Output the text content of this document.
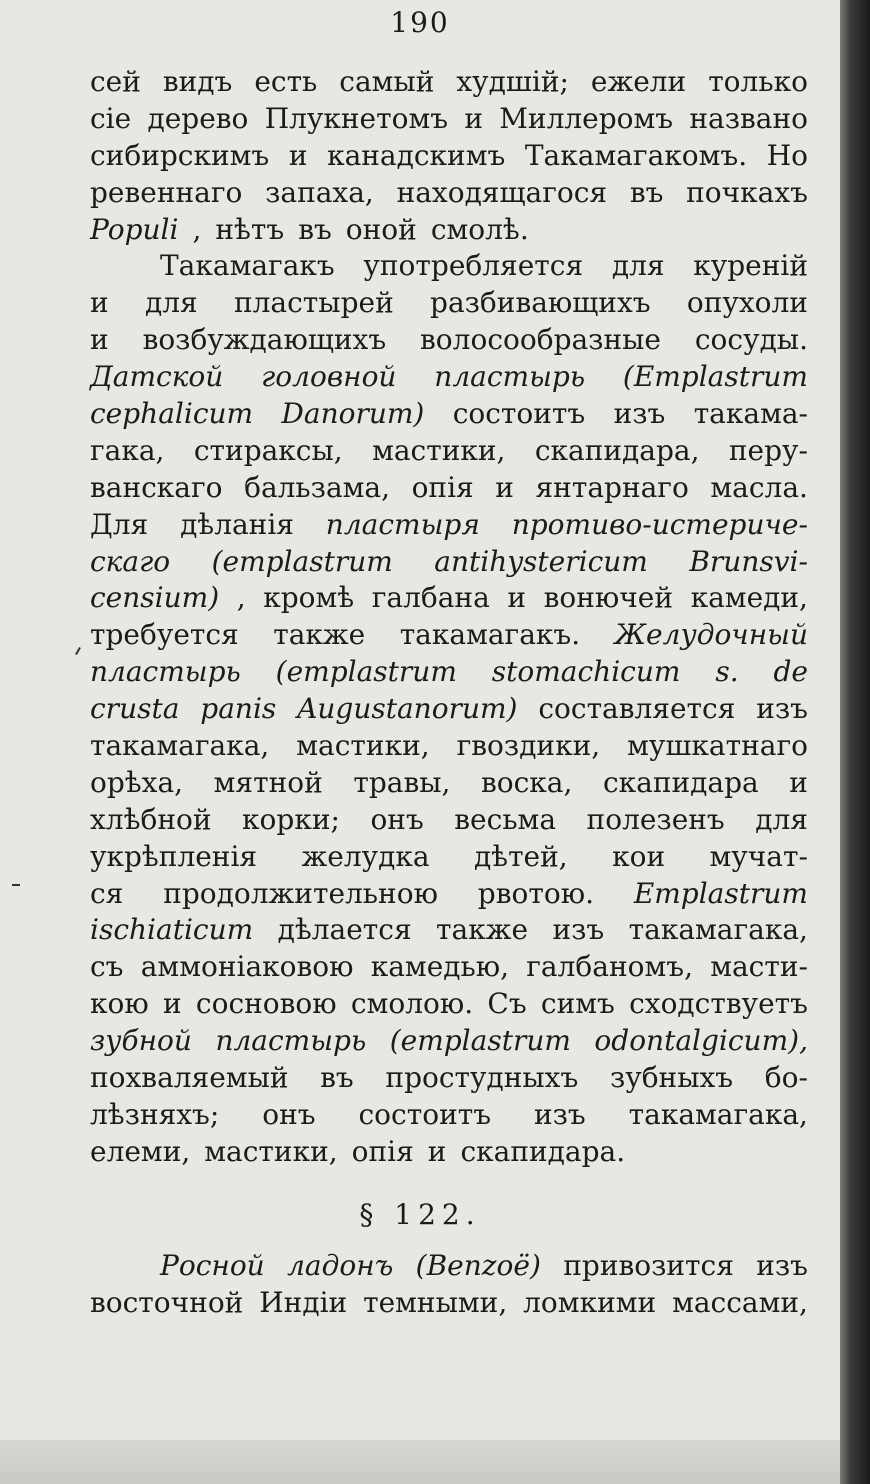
190
сей видъ есть самый худшій; ежели только
сіе дерево Плукнетомъ и Миллеромъ названо
сибирскимъ и канадскимъ Такамагакомъ. Но
ревеннаго запаха, находящагося въ почкахъ
Populi , нѣтъ въ оной смолѣ.
Такамагакъ употребляется для куреній
и для пластырей разбивающихъ опухоли
и возбуждающихъ волосообразные сосуды.
Датской головной пластырь (Emplastrum
cephalicum Danorum) состоитъ изъ такама-
гака, стираксы, мастики, скапидара, перу-
ванскаго бальзама, опія и янтарнаго масла.
Для дѣланія пластыря противо-истериче-
скаго (emplastrum antihystericum Brunsvi-
censium) , кромѣ галбана и вонючей камеди,
требуется также такамагакъ. Желудочный
пластырь (emplastrum stomachicum s. de
crusta panis Augustanorum) составляется изъ
такамагака, мастики, гвоздики, мушкатнаго
орѣха, мятной травы, воска, скапидара и
хлѣбной корки; онъ весьма полезенъ для
укрѣпленія желудка дѣтей, кои мучат-
ся продолжительною рвотою. Emplastrum
ischiaticum дѣлается также изъ такамагака,
съ аммоніаковою камедью, галбаномъ, масти-
кою и сосновою смолою. Съ симъ сходствуетъ
зубной пластырь (emplastrum odontalgicum),
похваляемый въ простудныхъ зубныхъ бо-
лѣзняхъ; онъ состоитъ изъ такамагака,
елеми, мастики, опія и скапидара.
§ 122.
Росной ладонъ (Benzoë) привозится изъ
восточной Индіи темными, ломкими массами,
